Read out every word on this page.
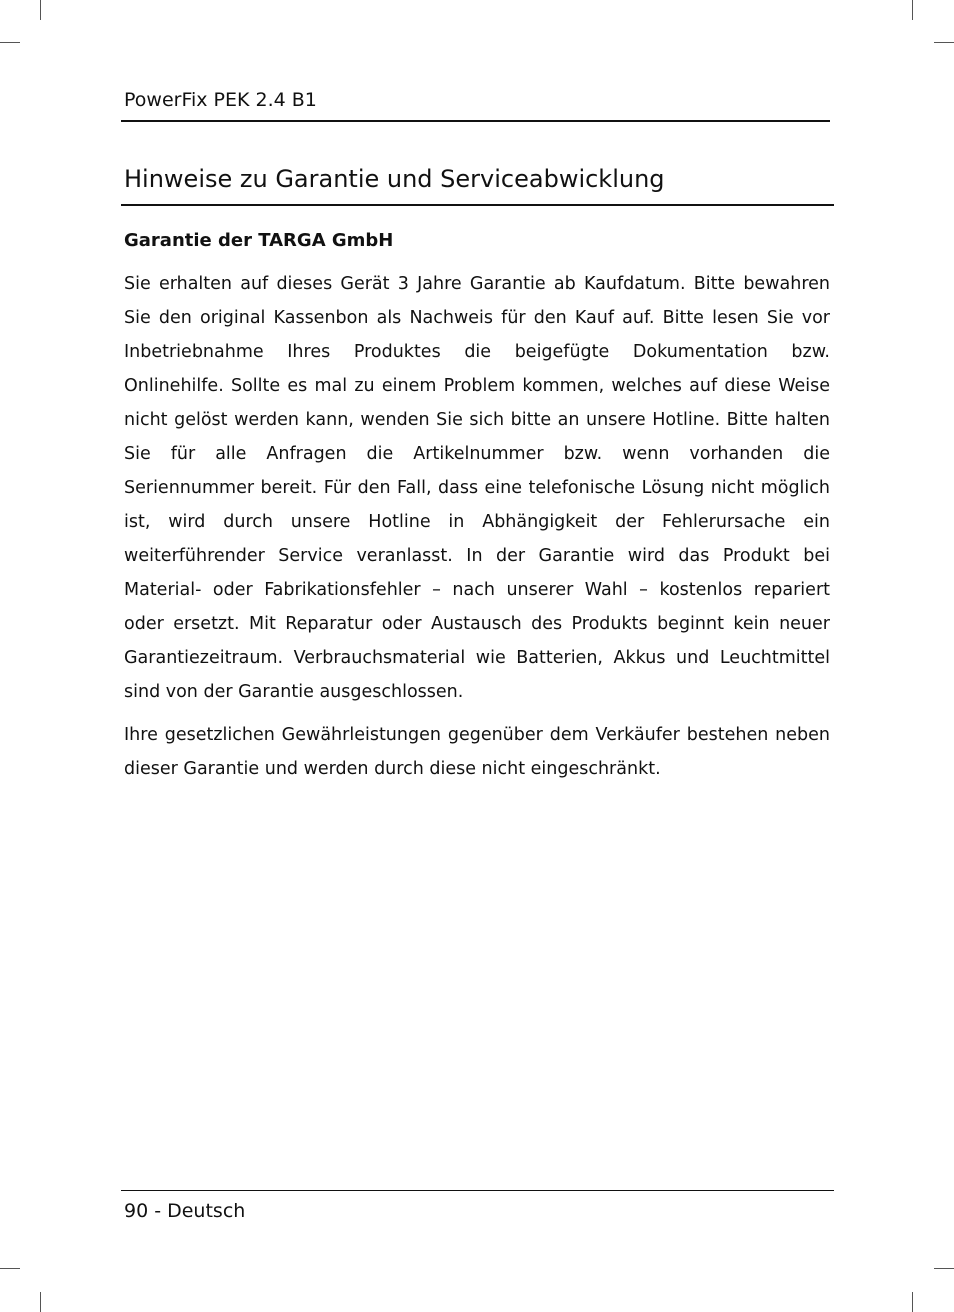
PowerFix PEK 2.4 B1
Hinweise zu Garantie und Serviceabwicklung
Garantie der TARGA GmbH
Sie erhalten auf dieses Gerät 3 Jahre Garantie ab Kaufdatum. Bitte bewahren
Sie den original Kassenbon als Nachweis für den Kauf auf. Bitte lesen Sie vor
Inbetriebnahme Ihres Produktes die beigefügte Dokumentation bzw.
Onlinehilfe. Sollte es mal zu einem Problem kommen, welches auf diese Weise
nicht gelöst werden kann, wenden Sie sich bitte an unsere Hotline. Bitte halten
Sie für alle Anfragen die Artikelnummer bzw. wenn vorhanden die
Seriennummer bereit. Für den Fall, dass eine telefonische Lösung nicht möglich
ist, wird durch unsere Hotline in Abhängigkeit der Fehlerursache ein
weiterführender Service veranlasst. In der Garantie wird das Produkt bei
Material- oder Fabrikationsfehler – nach unserer Wahl – kostenlos repariert
oder ersetzt. Mit Reparatur oder Austausch des Produkts beginnt kein neuer
Garantiezeitraum. Verbrauchsmaterial wie Batterien, Akkus und Leuchtmittel
sind von der Garantie ausgeschlossen.
Ihre gesetzlichen Gewährleistungen gegenüber dem Verkäufer bestehen neben
dieser Garantie und werden durch diese nicht eingeschränkt.
90 - Deutsch
